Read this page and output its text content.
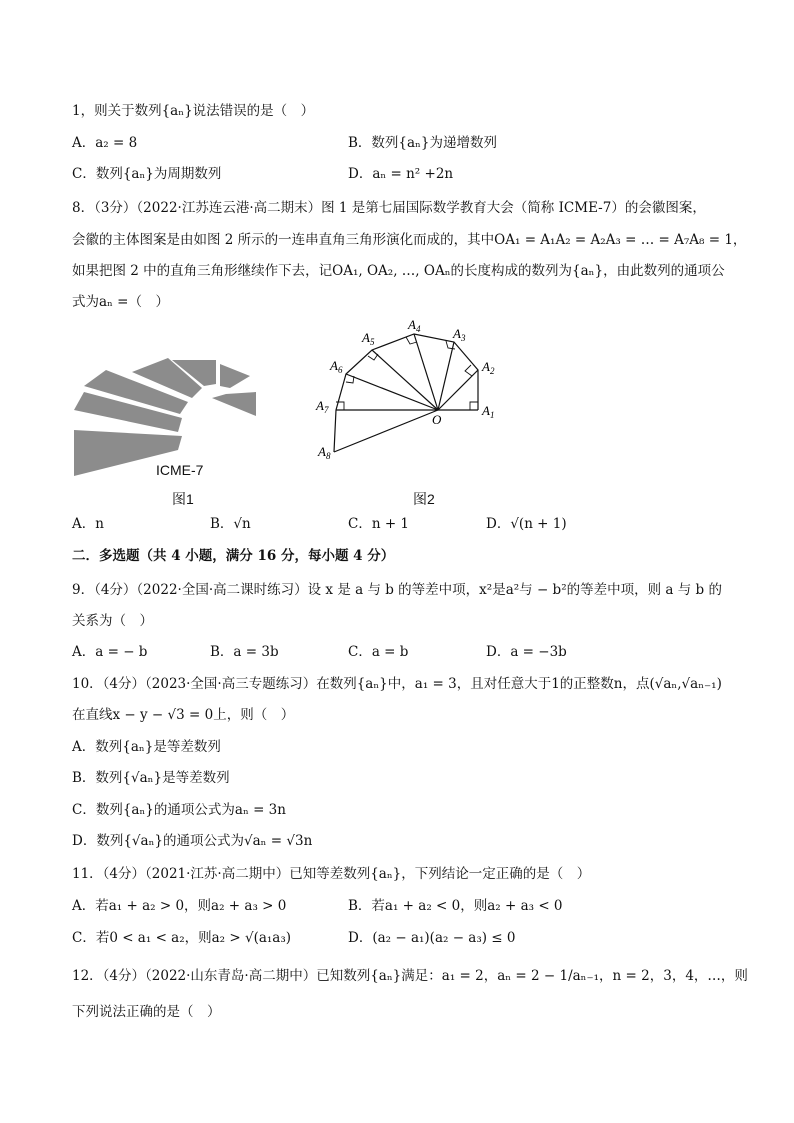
1，则关于数列{aₙ}说法错误的是（　）
A．a₂ = 8	B．数列{aₙ}为递增数列
C．数列{aₙ}为周期数列	D．aₙ = n² +2n
8．（3分）（2022·江苏连云港·高二期末）图 1 是第七届国际数学教育大会（简称 ICME-7）的会徽图案，
会徽的主体图案是由如图 2 所示的一连串直角三角形演化而成的，其中OA₁ = A₁A₂ = A₂A₃ = … = A₇A₈ = 1，
如果把图 2 中的直角三角形继续作下去，记OA₁, OA₂, …, OAₙ的长度构成的数列为{aₙ}，由此数列的通项公
式为aₙ =（　）
ICME-7
图1
$A_1$
$A_2$
$A_3$
$A_4$
$A_5$
$A_6$
$A_7$
$A_8$
O
图2
A．n	B．√n	C．n + 1	D．√(n + 1)
二．多选题（共 4 小题，满分 16 分，每小题 4 分）
9．（4分）（2022·全国·高二课时练习）设 x 是 a 与 b 的等差中项，x²是a²与 − b²的等差中项，则 a 与 b 的
关系为（　）
A．a = − b	B．a = 3b	C．a = b	D．a = −3b
10．（4分）（2023·全国·高三专题练习）在数列{aₙ}中，a₁ = 3，且对任意大于1的正整数n，点(√aₙ,√aₙ₋₁)
在直线x − y − √3 = 0上，则（　）
A．数列{aₙ}是等差数列
B．数列{√aₙ}是等差数列
C．数列{aₙ}的通项公式为aₙ = 3n
D．数列{√aₙ}的通项公式为√aₙ = √3n
11．（4分）（2021·江苏·高二期中）已知等差数列{aₙ}，下列结论一定正确的是（　）
A．若a₁ + a₂ > 0，则a₂ + a₃ > 0	B．若a₁ + a₂ < 0，则a₂ + a₃ < 0
C．若0 < a₁ < a₂，则a₂ > √(a₁a₃)	D．(a₂ − a₁)(a₂ − a₃) ≤ 0
12．（4分）（2022·山东青岛·高二期中）已知数列{aₙ}满足：a₁ = 2，aₙ = 2 − 1/aₙ₋₁，n = 2，3，4，…，则
下列说法正确的是（　）
